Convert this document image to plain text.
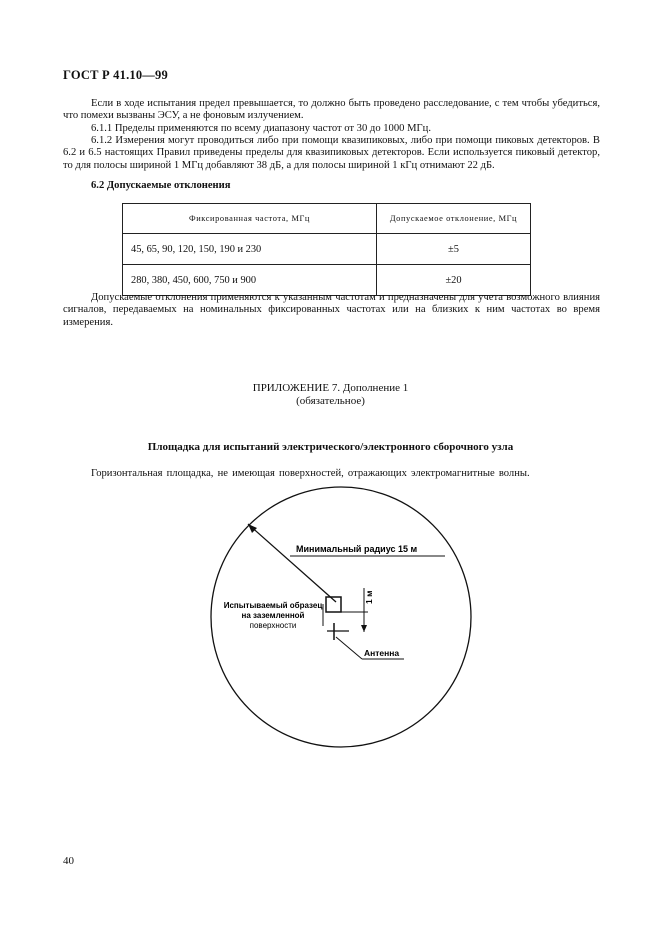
ГОСТ Р 41.10—99

Если в ходе испытания предел превышается, то должно быть проведено расследование, с тем чтобы убедиться, что помехи вызваны ЭСУ, а не фоновым излучением.

6.1.1 Пределы применяются по всему диапазону частот от 30 до 1000 МГц.

6.1.2 Измерения могут проводиться либо при помощи квазипиковых, либо при помощи пиковых детекторов. В 6.2 и 6.5 настоящих Правил приведены пределы для квазипиковых детекторов. Если используется пиковый детектор, то для полосы шириной 1 МГц добавляют 38 дБ, а для полосы шириной 1 кГц отнимают 22 дБ.

6.2 Допускаемые отклонения
Фиксированная частота, МГц	Допускаемое отклонение, МГц
45, 65, 90, 120, 150, 190 и 230	±5
280, 380, 450, 600, 750 и 900	±20

Допускаемые отклонения применяются к указанным частотам и предназначены для учета возможного влияния сигналов, передаваемых на номинальных фиксированных частотах или на близких к ним частотах во время измерения.

ПРИЛОЖЕНИЕ 7. Дополнение 1
(обязательное)
Площадка для испытаний электрического/электронного сборочного узла
Горизонтальная площадка, не имеющая поверхностей, отражающих электромагнитные волны.
Минимальный радиус 15 м
1 м
Антенна
Испытываемый образец
на заземленной
поверхности
40
